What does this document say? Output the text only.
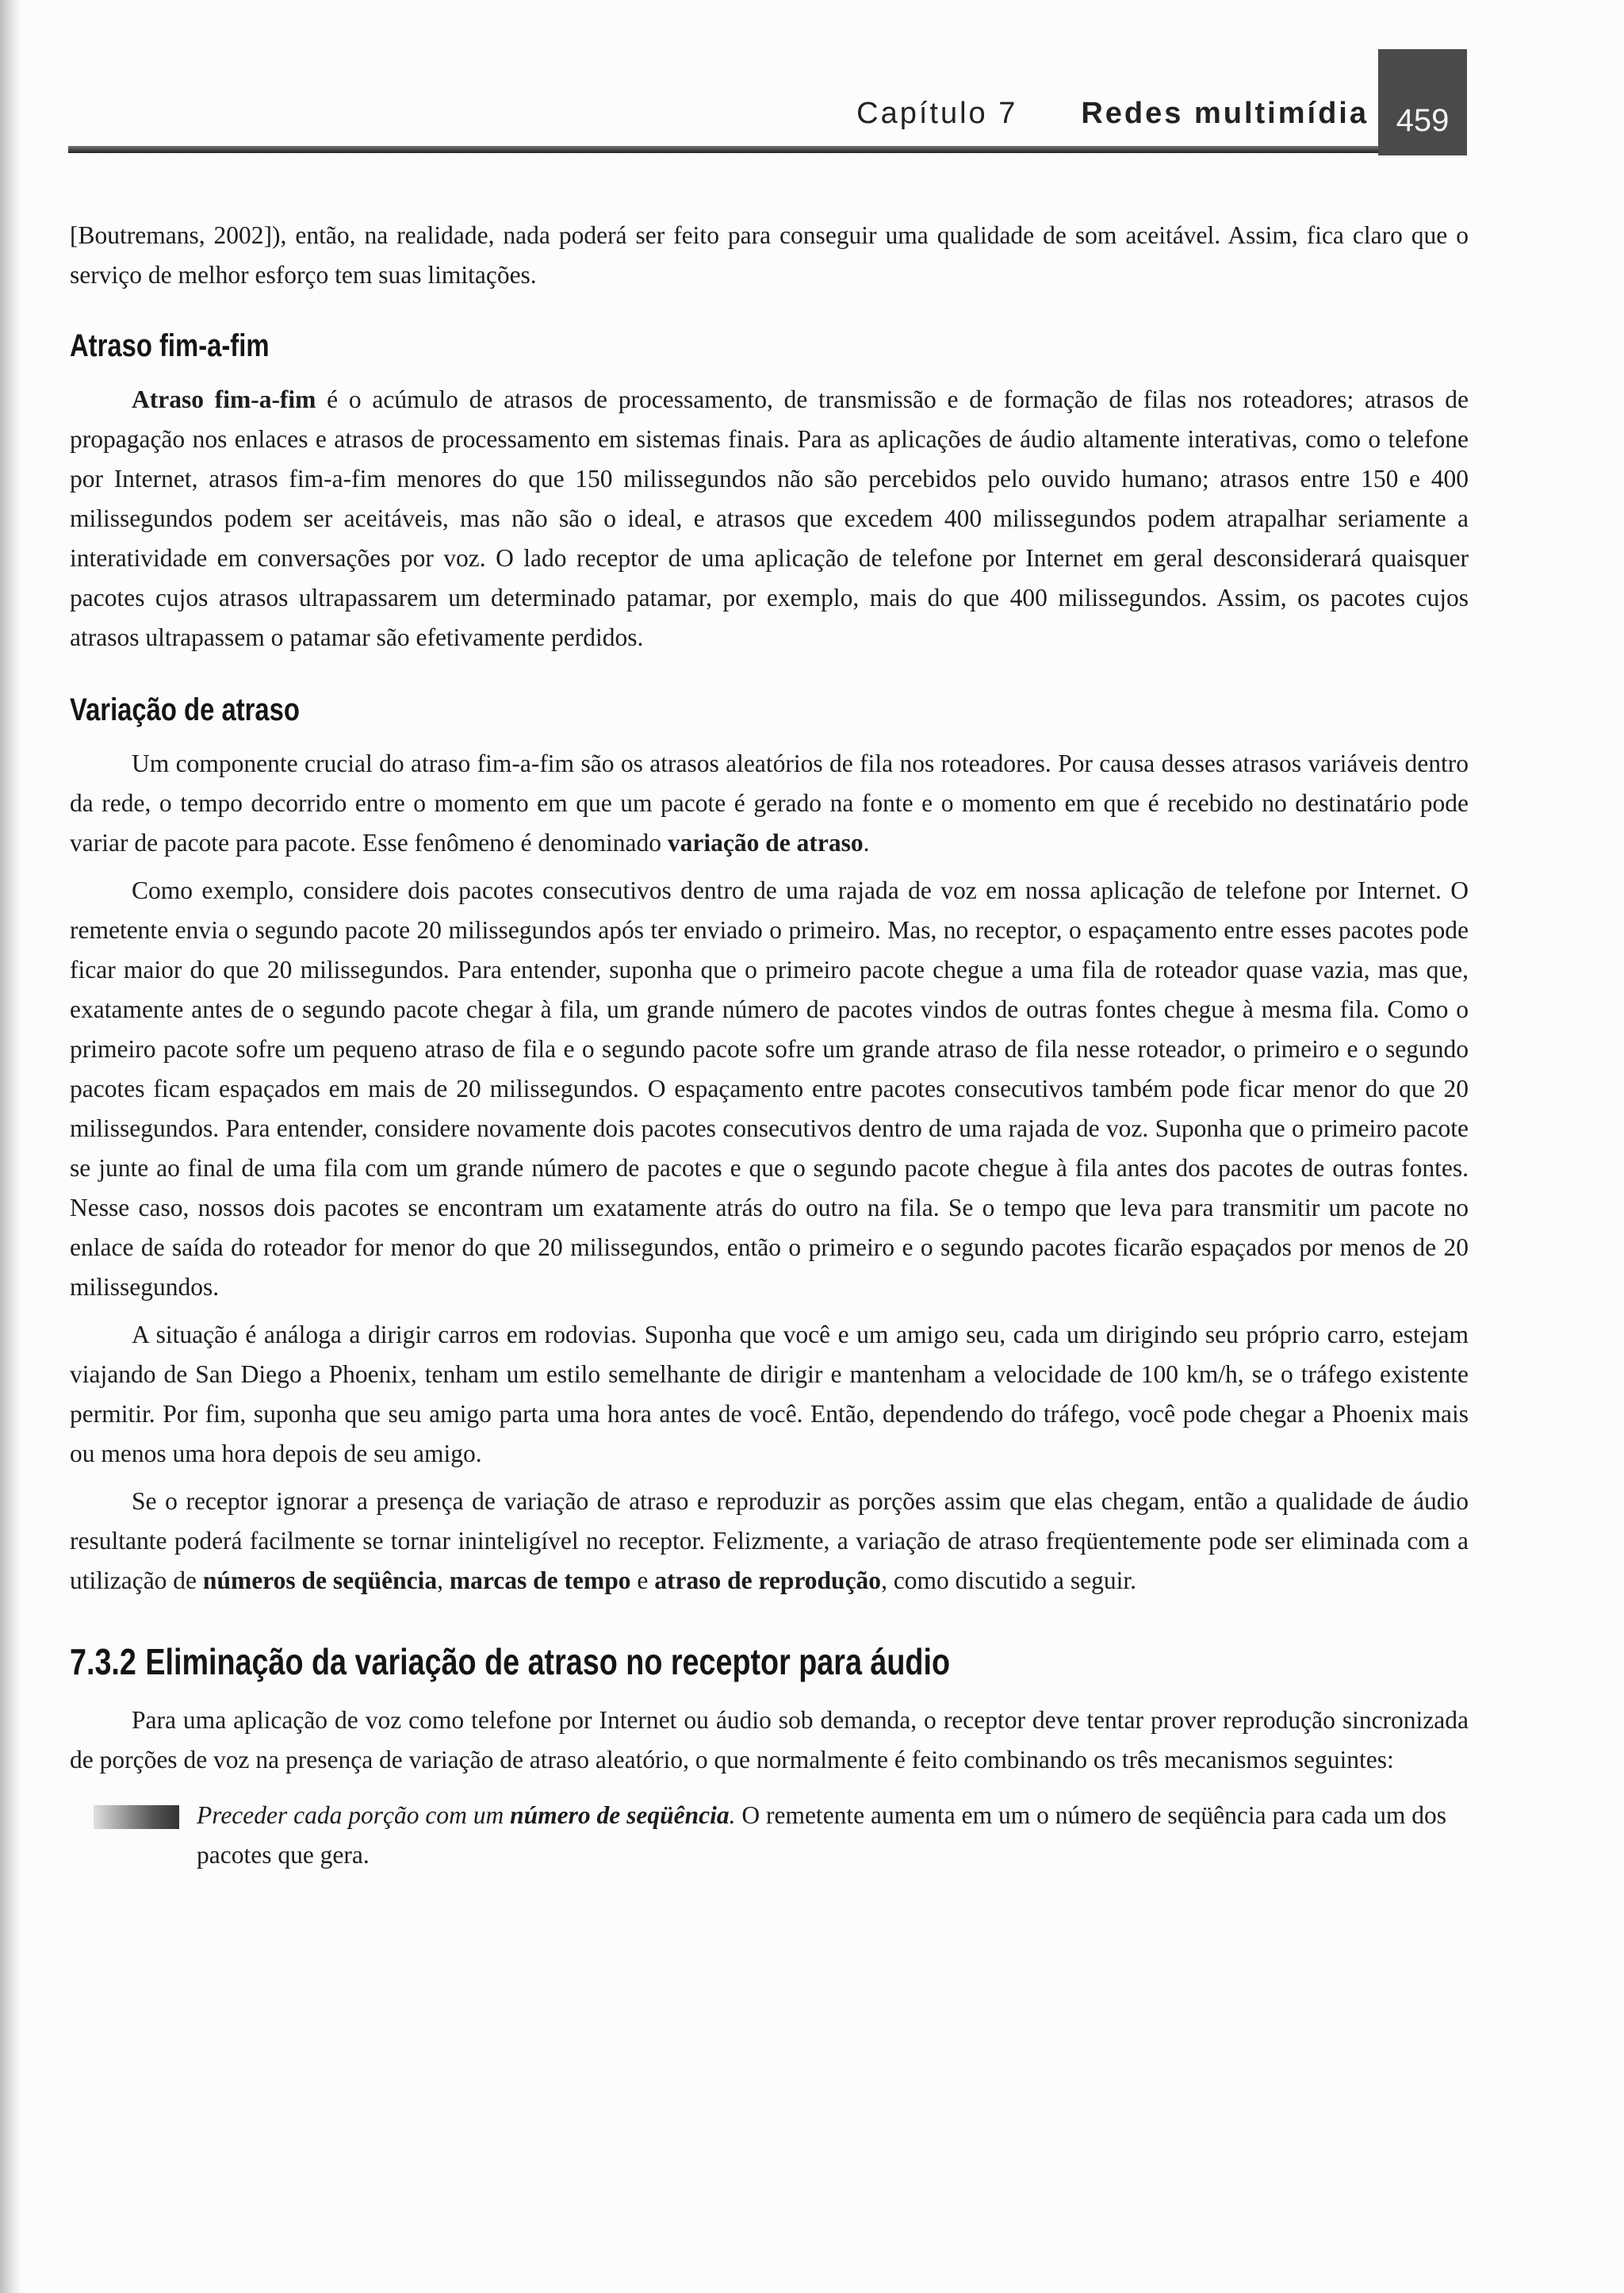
Capítulo 7 Redes multimídia 459

[Boutremans, 2002]), então, na realidade, nada poderá ser feito para conseguir uma qualidade de som aceitável. Assim, fica claro que o serviço de melhor esforço tem suas limitações.

Atraso fim-a-fim

Atraso fim-a-fim é o acúmulo de atrasos de processamento, de transmissão e de formação de filas nos roteadores; atrasos de propagação nos enlaces e atrasos de processamento em sistemas finais. Para as aplicações de áudio altamente interativas, como o telefone por Internet, atrasos fim-a-fim menores do que 150 milissegundos não são percebidos pelo ouvido humano; atrasos entre 150 e 400 milissegundos podem ser aceitáveis, mas não são o ideal, e atrasos que excedem 400 milissegundos podem atrapalhar seriamente a interatividade em conversações por voz. O lado receptor de uma aplicação de telefone por Internet em geral desconsiderará quaisquer pacotes cujos atrasos ultrapassarem um determinado patamar, por exemplo, mais do que 400 milissegundos. Assim, os pacotes cujos atrasos ultrapassem o patamar são efetivamente perdidos.

Variação de atraso

Um componente crucial do atraso fim-a-fim são os atrasos aleatórios de fila nos roteadores. Por causa desses atrasos variáveis dentro da rede, o tempo decorrido entre o momento em que um pacote é gerado na fonte e o momento em que é recebido no destinatário pode variar de pacote para pacote. Esse fenômeno é denominado variação de atraso.

Como exemplo, considere dois pacotes consecutivos dentro de uma rajada de voz em nossa aplicação de telefone por Internet. O remetente envia o segundo pacote 20 milissegundos após ter enviado o primeiro. Mas, no receptor, o espaçamento entre esses pacotes pode ficar maior do que 20 milissegundos. Para entender, suponha que o primeiro pacote chegue a uma fila de roteador quase vazia, mas que, exatamente antes de o segundo pacote chegar à fila, um grande número de pacotes vindos de outras fontes chegue à mesma fila. Como o primeiro pacote sofre um pequeno atraso de fila e o segundo pacote sofre um grande atraso de fila nesse roteador, o primeiro e o segundo pacotes ficam espaçados em mais de 20 milissegundos. O espaçamento entre pacotes consecutivos também pode ficar menor do que 20 milissegundos. Para entender, considere novamente dois pacotes consecutivos dentro de uma rajada de voz. Suponha que o primeiro pacote se junte ao final de uma fila com um grande número de pacotes e que o segundo pacote chegue à fila antes dos pacotes de outras fontes. Nesse caso, nossos dois pacotes se encontram um exatamente atrás do outro na fila. Se o tempo que leva para transmitir um pacote no enlace de saída do roteador for menor do que 20 milissegundos, então o primeiro e o segundo pacotes ficarão espaçados por menos de 20 milissegundos.

A situação é análoga a dirigir carros em rodovias. Suponha que você e um amigo seu, cada um dirigindo seu próprio carro, estejam viajando de San Diego a Phoenix, tenham um estilo semelhante de dirigir e mantenham a velocidade de 100 km/h, se o tráfego existente permitir. Por fim, suponha que seu amigo parta uma hora antes de você. Então, dependendo do tráfego, você pode chegar a Phoenix mais ou menos uma hora depois de seu amigo.

Se o receptor ignorar a presença de variação de atraso e reproduzir as porções assim que elas chegam, então a qualidade de áudio resultante poderá facilmente se tornar ininteligível no receptor. Felizmente, a variação de atraso freqüentemente pode ser eliminada com a utilização de números de seqüência, marcas de tempo e atraso de reprodução, como discutido a seguir.

7.3.2 Eliminação da variação de atraso no receptor para áudio

Para uma aplicação de voz como telefone por Internet ou áudio sob demanda, o receptor deve tentar prover reprodução sincronizada de porções de voz na presença de variação de atraso aleatório, o que normalmente é feito combinando os três mecanismos seguintes:

Preceder cada porção com um número de seqüência. O remetente aumenta em um o número de seqüência para cada um dos pacotes que gera.
